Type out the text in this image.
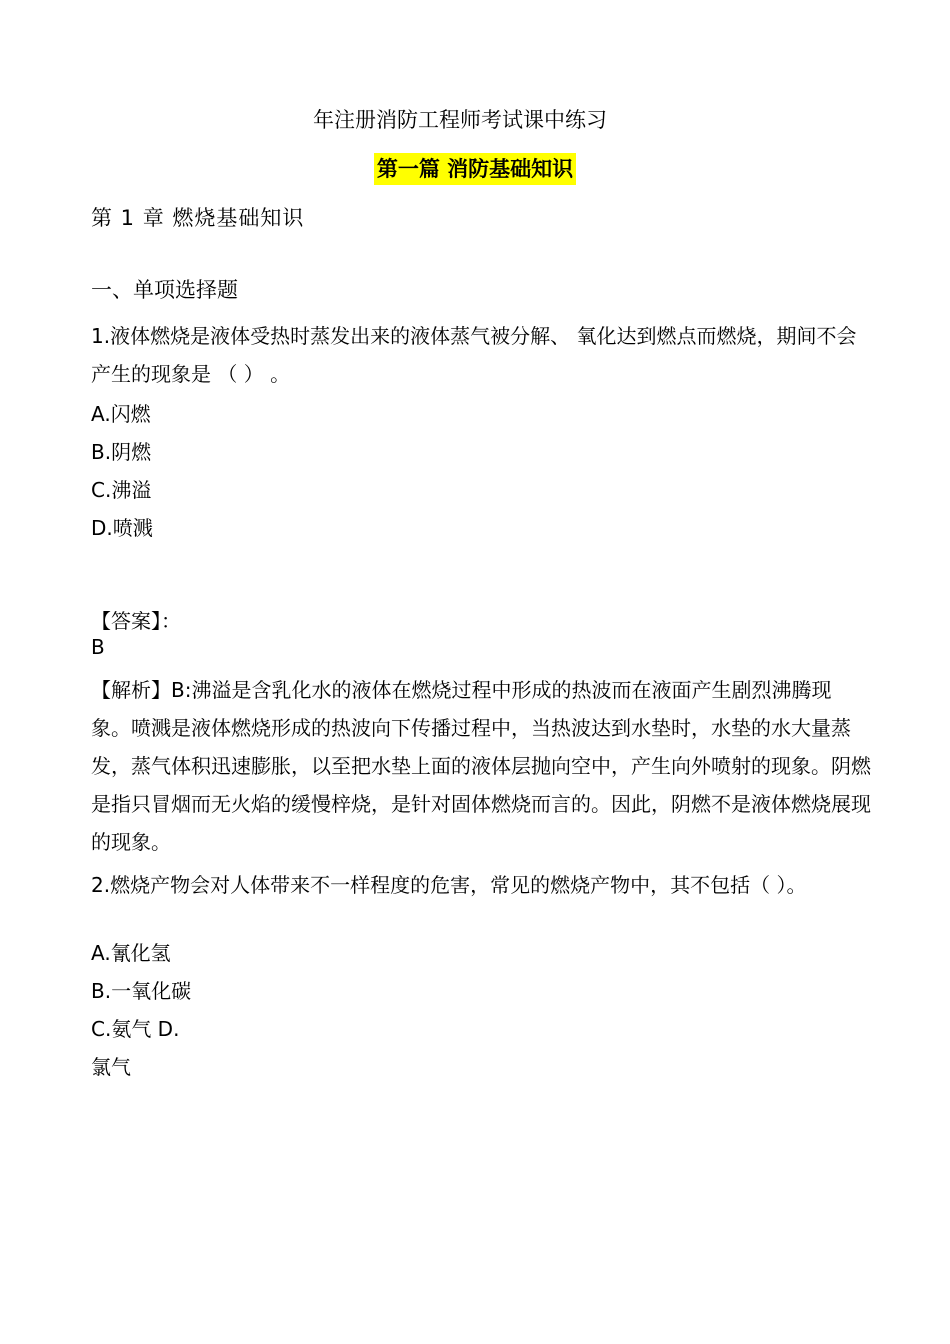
年注册消防工程师考试课中练习
第一篇 消防基础知识
第 1 章 燃烧基础知识
一、单项选择题
1.液体燃烧是液体受热时蒸发出来的液体蒸气被分解、 氧化达到燃点而燃烧，期间不会产生的现象是 （ ） 。
A.闪燃
B.阴燃
C.沸溢
D.喷溅
【答案】：
B
【解析】B:沸溢是含乳化水的液体在燃烧过程中形成的热波而在液面产生剧烈沸腾现象。喷溅是液体燃烧形成的热波向下传播过程中，当热波达到水垫时，水垫的水大量蒸发，蒸气体积迅速膨胀，以至把水垫上面的液体层抛向空中，产生向外喷射的现象。阴燃是指只冒烟而无火焰的缓慢梓烧，是针对固体燃烧而言的。因此，阴燃不是液体燃烧展现的现象。
2.燃烧产物会对人体带来不一样程度的危害，常见的燃烧产物中，其不包括（ ）。
A.氰化氢
B.一氧化碳
C.氨气 D.
氯气
